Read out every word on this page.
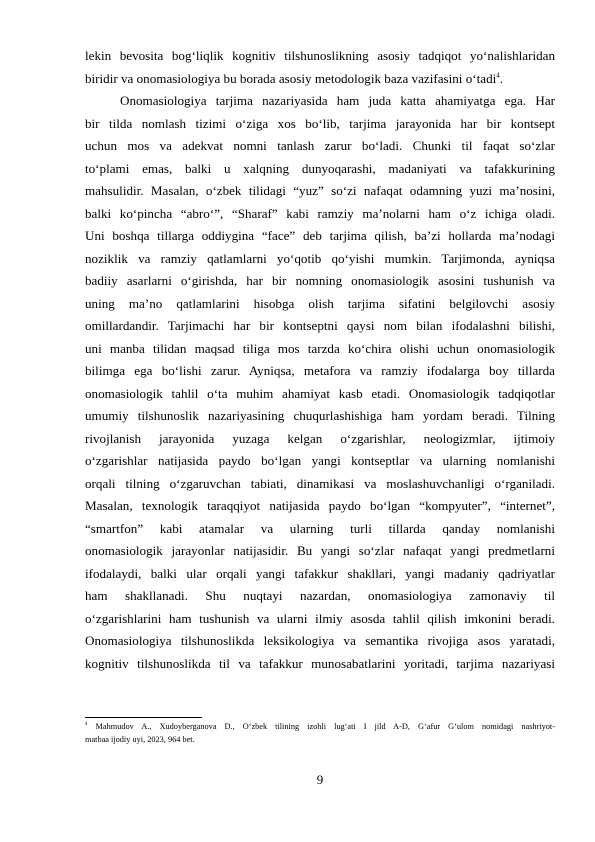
lekin bevosita bog‘liqlik kognitiv tilshunoslikning asosiy tadqiqot yo‘nalishlaridan
biridir va onomasiologiya bu borada asosiy metodologik baza vazifasini o‘tadi$^4$.
Onomasiologiya tarjima nazariyasida ham juda katta ahamiyatga ega. Har
bir tilda nomlash tizimi o‘ziga xos bo‘lib, tarjima jarayonida har bir kontsept
uchun mos va adekvat nomni tanlash zarur bo‘ladi. Chunki til faqat so‘zlar
to‘plami emas, balki u xalqning dunyoqarashi, madaniyati va tafakkurining
mahsulidir. Masalan, o‘zbek tilidagi “yuz” so‘zi nafaqat odamning yuzi ma’nosini,
balki ko‘pincha “abro‘”, “Sharaf” kabi ramziy ma’nolarni ham o‘z ichiga oladi.
Uni boshqa tillarga oddiygina “face” deb tarjima qilish, ba’zi hollarda ma’nodagi
noziklik va ramziy qatlamlarni yo‘qotib qo‘yishi mumkin. Tarjimonda, ayniqsa
badiiy asarlarni o‘girishda, har bir nomning onomasiologik asosini tushunish va
uning ma’no qatlamlarini hisobga olish tarjima sifatini belgilovchi asosiy
omillardandir. Tarjimachi har bir kontseptni qaysi nom bilan ifodalashni bilishi,
uni manba tilidan maqsad tiliga mos tarzda ko‘chira olishi uchun onomasiologik
bilimga ega bo‘lishi zarur. Ayniqsa, metafora va ramziy ifodalarga boy tillarda
onomasiologik tahlil o‘ta muhim ahamiyat kasb etadi. Onomasiologik tadqiqotlar
umumiy tilshunoslik nazariyasining chuqurlashishiga ham yordam beradi. Tilning
rivojlanish jarayonida yuzaga kelgan o‘zgarishlar, neologizmlar, ijtimoiy
o‘zgarishlar natijasida paydo bo‘lgan yangi kontseptlar va ularning nomlanishi
orqali tilning o‘zgaruvchan tabiati, dinamikasi va moslashuvchanligi o‘rganiladi.
Masalan, texnologik taraqqiyot natijasida paydo bo‘lgan “kompyuter”, “internet”,
“smartfon” kabi atamalar va ularning turli tillarda qanday nomlanishi
onomasiologik jarayonlar natijasidir. Bu yangi so‘zlar nafaqat yangi predmetlarni
ifodalaydi, balki ular orqali yangi tafakkur shakllari, yangi madaniy qadriyatlar
ham shakllanadi. Shu nuqtayi nazardan, onomasiologiya zamonaviy til
o‘zgarishlarini ham tushunish va ularni ilmiy asosda tahlil qilish imkonini beradi.
Onomasiologiya tilshunoslikda leksikologiya va semantika rivojiga asos yaratadi,
kognitiv tilshunoslikda til va tafakkur munosabatlarini yoritadi, tarjima nazariyasi
$^4$ Mahmudov A., Xudoyberganova D., O‘zbek tilining izohli lug‘ati I jild A-D, G‘afur G‘ulom nomidagi nashriyot-
matbaa ijodiy uyi, 2023, 964 bet.
9
